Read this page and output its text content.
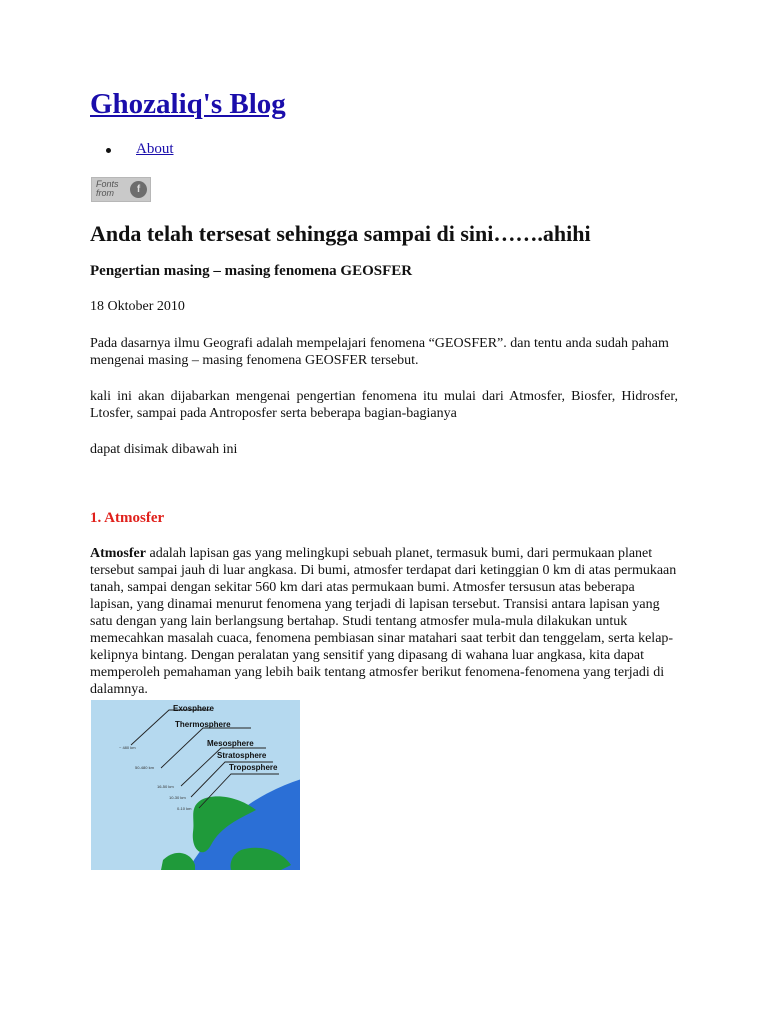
Ghozaliq's Blog
About
Fonts
from	f
Anda telah tersesat sehingga sampai di sini…….ahihi
Pengertian masing – masing fenomena GEOSFER

18 Oktober 2010

Pada dasarnya ilmu Geografi adalah mempelajari fenomena “GEOSFER”. dan tentu anda sudah paham mengenai masing – masing fenomena GEOSFER tersebut.

kali ini akan dijabarkan mengenai pengertian fenomena itu mulai dari Atmosfer, Biosfer, Hidrosfer, Ltosfer, sampai pada Antroposfer serta beberapa bagian-bagianya

dapat disimak dibawah ini

1. Atmosfer

Atmosfer adalah lapisan gas yang melingkupi sebuah planet, termasuk bumi, dari permukaan planet tersebut sampai jauh di luar angkasa. Di bumi, atmosfer terdapat dari ketinggian 0 km di atas permukaan tanah, sampai dengan sekitar 560 km dari atas permukaan bumi. Atmosfer tersusun atas beberapa lapisan, yang dinamai menurut fenomena yang terjadi di lapisan tersebut. Transisi antara lapisan yang satu dengan yang lain berlangsung bertahap. Studi tentang atmosfer mula-mula dilakukan untuk memecahkan masalah cuaca, fenomena pembiasan sinar matahari saat terbit dan tenggelam, serta kelap-kelipnya bintang. Dengan peralatan yang sensitif yang dipasang di wahana luar angkasa, kita dapat memperoleh pemahaman yang lebih baik tentang atmosfer berikut fenomena-fenomena yang terjadi di dalamnya.

Exosphere
Thermosphere
Mesosphere
Stratosphere
Troposphere
~ 480 km
50-480 km
16-50 km
10-30 km
0-10 km
